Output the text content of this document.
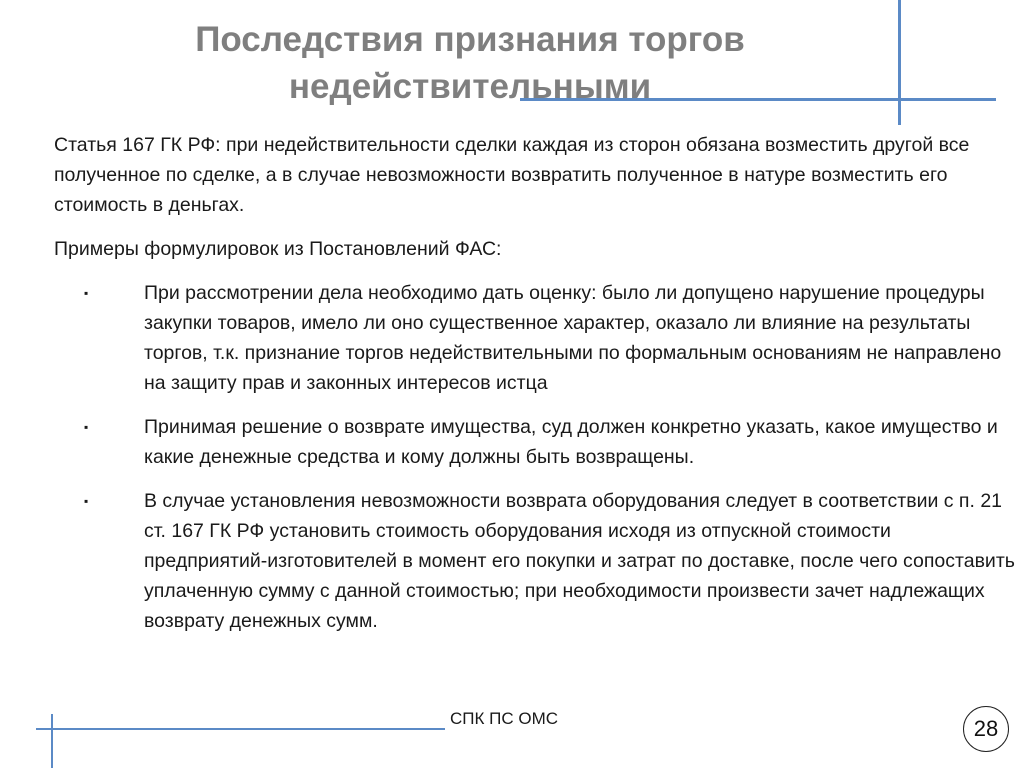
Последствия признания торгов недействительными

Статья 167 ГК РФ: при недействительности сделки каждая из сторон обязана возместить другой все полученное по сделке, а в случае невозможности возвратить полученное в натуре возместить его стоимость в деньгах.

Примеры формулировок из Постановлений ФАС:

▪	При рассмотрении дела необходимо дать оценку: было ли допущено нарушение процедуры закупки товаров, имело ли оно существенное характер, оказало ли влияние на результаты торгов, т.к. признание торгов недействительными по формальным основаниям не направлено на защиту прав и законных интересов истца
▪	Принимая решение о возврате имущества, суд должен конкретно указать, какое имущество и какие денежные средства и кому должны быть возвращены.
▪	В случае установления невозможности возврата оборудования следует в соответствии с п. 21 ст. 167 ГК РФ установить стоимость оборудования исходя из отпускной стоимости предприятий-изготовителей в момент его покупки и затрат по доставке, после чего сопоставить уплаченную сумму с данной стоимостью; при необходимости произвести зачет надлежащих возврату денежных сумм.
СПК ПС ОМС	28
